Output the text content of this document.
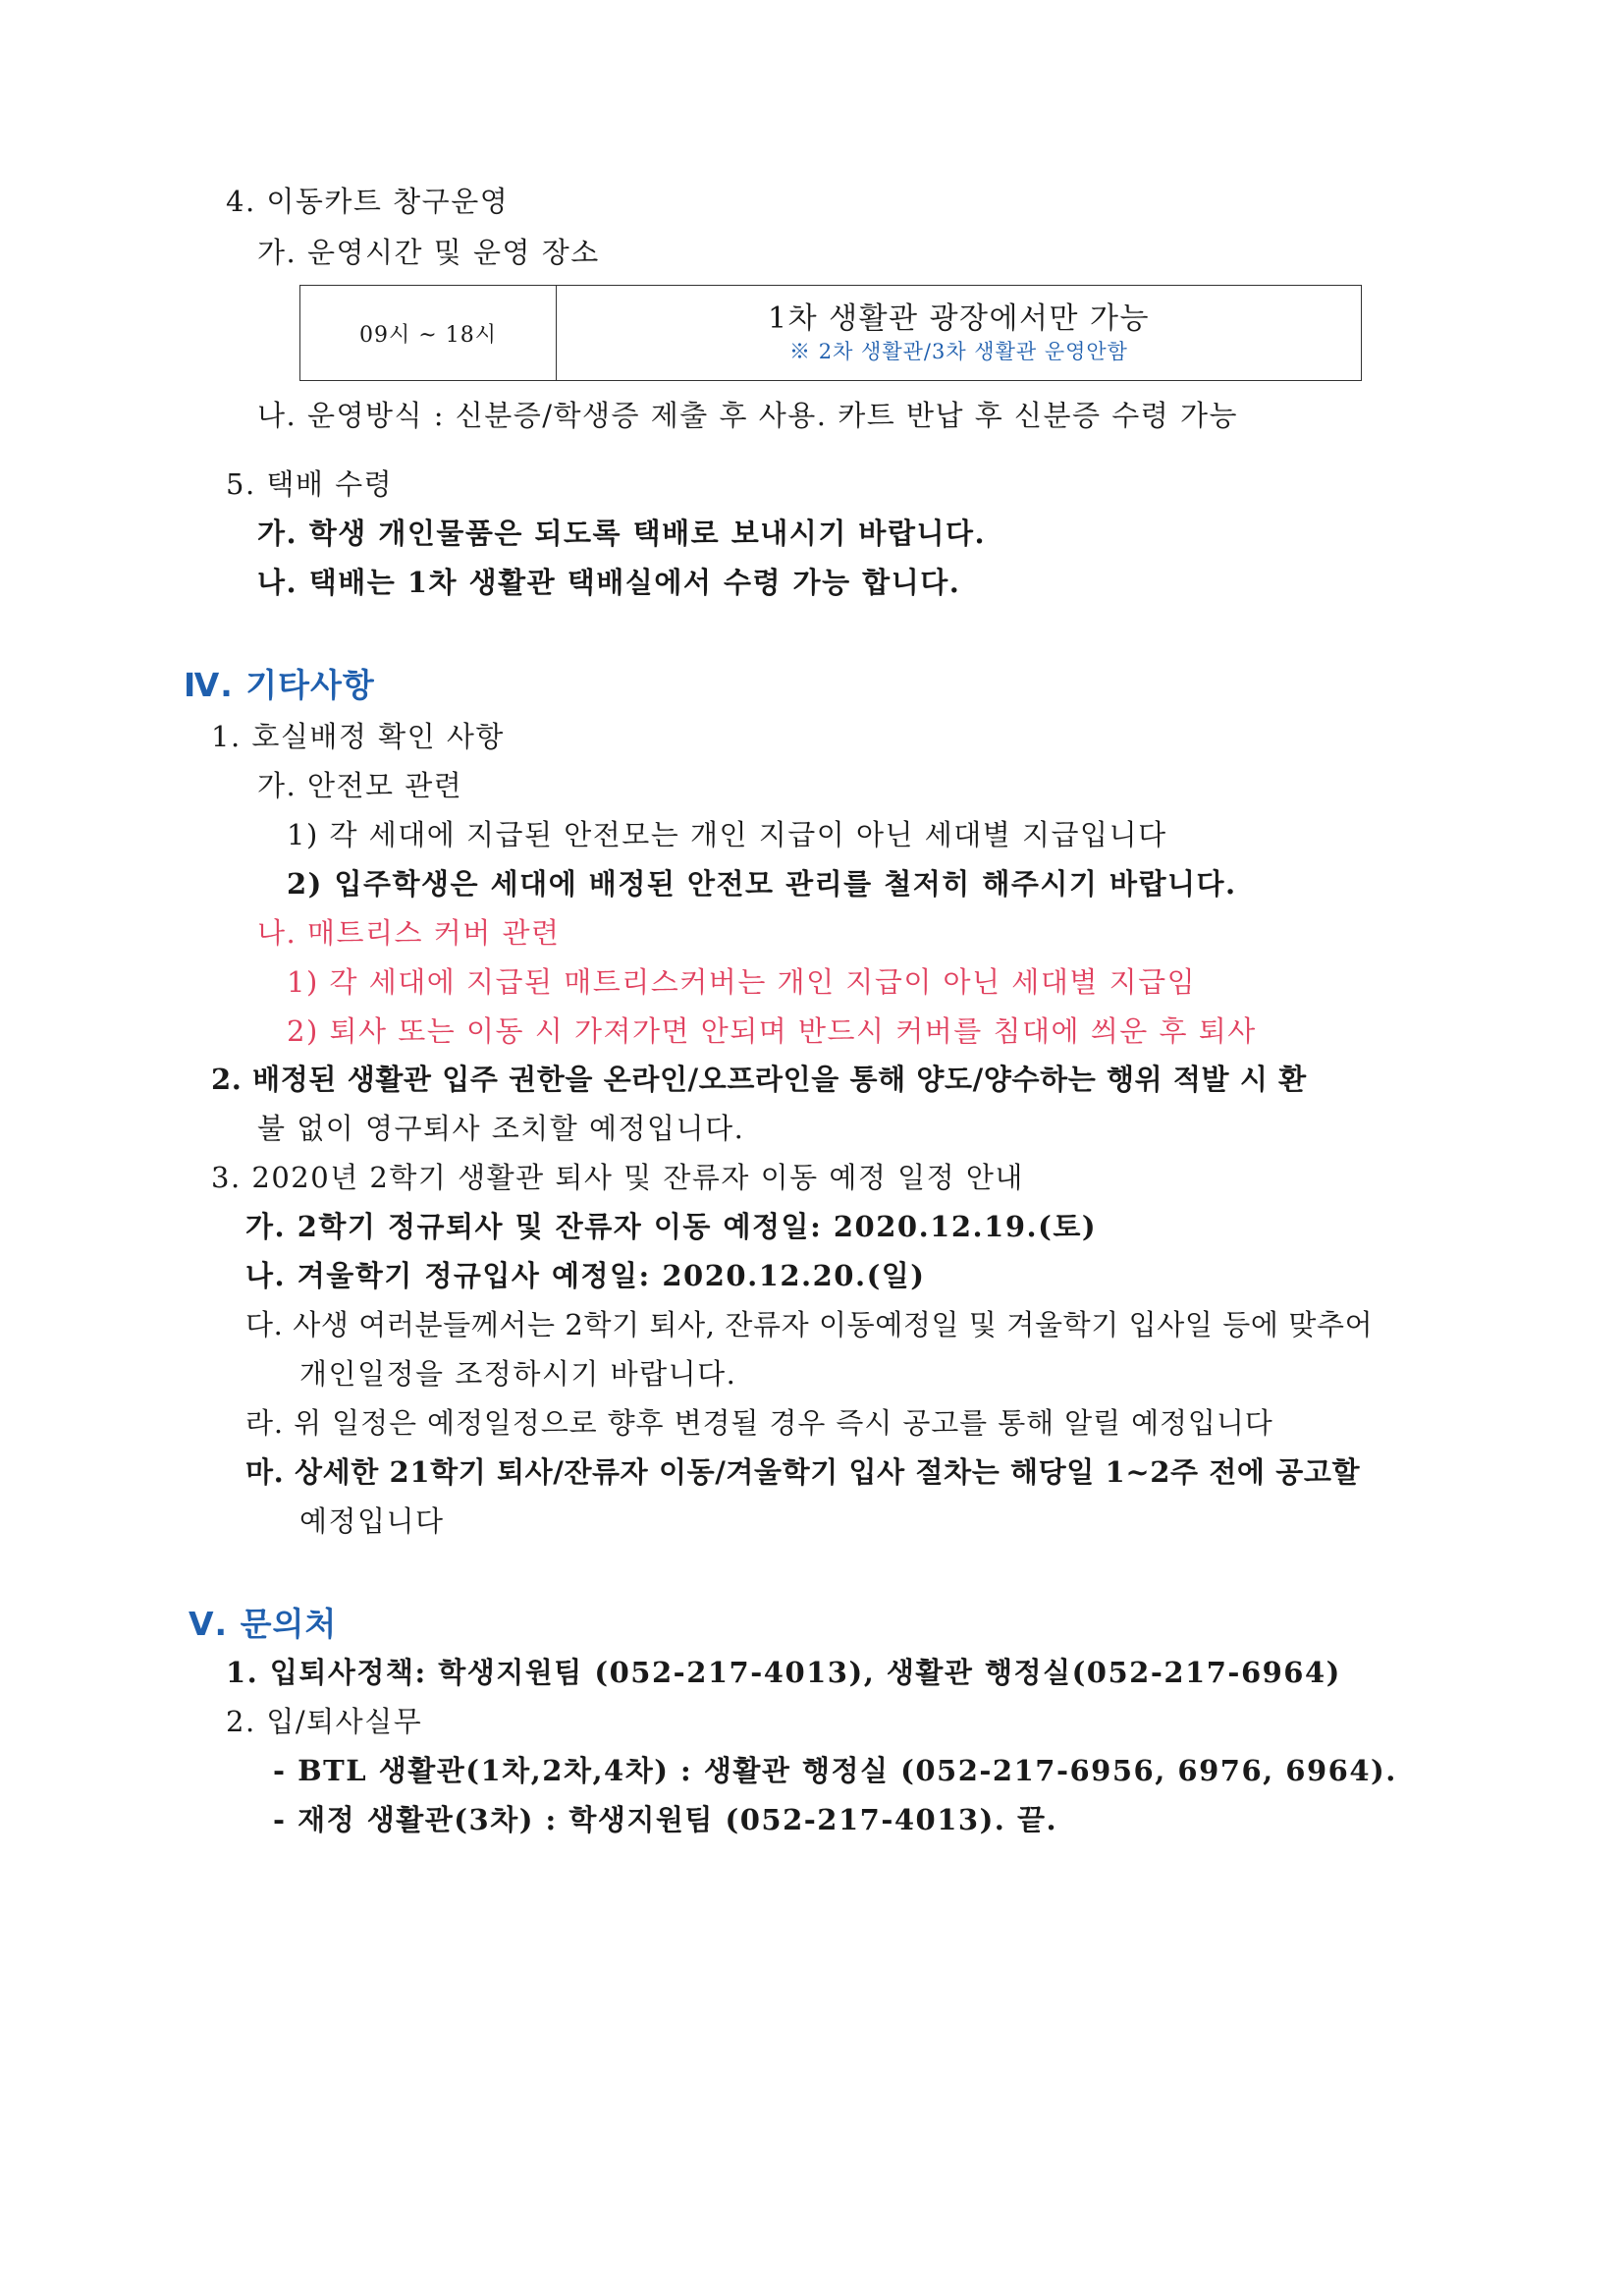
4. 이동카트 창구운영
가. 운영시간 및 운영 장소
09시 ~ 18시	1차 생활관 광장에서만 가능
※ 2차 생활관/3차 생활관 운영안함
나. 운영방식 : 신분증/학생증 제출 후 사용. 카트 반납 후 신분증 수령 가능
5. 택배 수령
가. 학생 개인물품은 되도록 택배로 보내시기 바랍니다.
나. 택배는 1차 생활관 택배실에서 수령 가능 합니다.
Ⅳ. 기타사항
1. 호실배정 확인 사항
가. 안전모 관련
1) 각 세대에 지급된 안전모는 개인 지급이 아닌 세대별 지급입니다
2) 입주학생은 세대에 배정된 안전모 관리를 철저히 해주시기 바랍니다.
나. 매트리스 커버 관련
1) 각 세대에 지급된 매트리스커버는 개인 지급이 아닌 세대별 지급임
2) 퇴사 또는 이동 시 가져가면 안되며 반드시 커버를 침대에 씌운 후 퇴사
2. 배정된 생활관 입주 권한을 온라인/오프라인을 통해 양도/양수하는 행위 적발 시 환
불 없이 영구퇴사 조치할 예정입니다.
3. 2020년 2학기 생활관 퇴사 및 잔류자 이동 예정 일정 안내
가. 2학기 정규퇴사 및 잔류자 이동 예정일: 2020.12.19.(토)
나. 겨울학기 정규입사 예정일: 2020.12.20.(일)
다. 사생 여러분들께서는 2학기 퇴사, 잔류자 이동예정일 및 겨울학기 입사일 등에 맞추어
개인일정을 조정하시기 바랍니다.
라. 위 일정은 예정일정으로 향후 변경될 경우 즉시 공고를 통해 알릴 예정입니다
마. 상세한 21학기 퇴사/잔류자 이동/겨울학기 입사 절차는 해당일 1~2주 전에 공고할
예정입니다
Ⅴ. 문의처
1. 입퇴사정책: 학생지원팀 (052-217-4013), 생활관 행정실(052-217-6964)
2. 입/퇴사실무
- BTL 생활관(1차,2차,4차) : 생활관 행정실 (052-217-6956, 6976, 6964).
- 재정 생활관(3차) : 학생지원팀 (052-217-4013). 끝.
